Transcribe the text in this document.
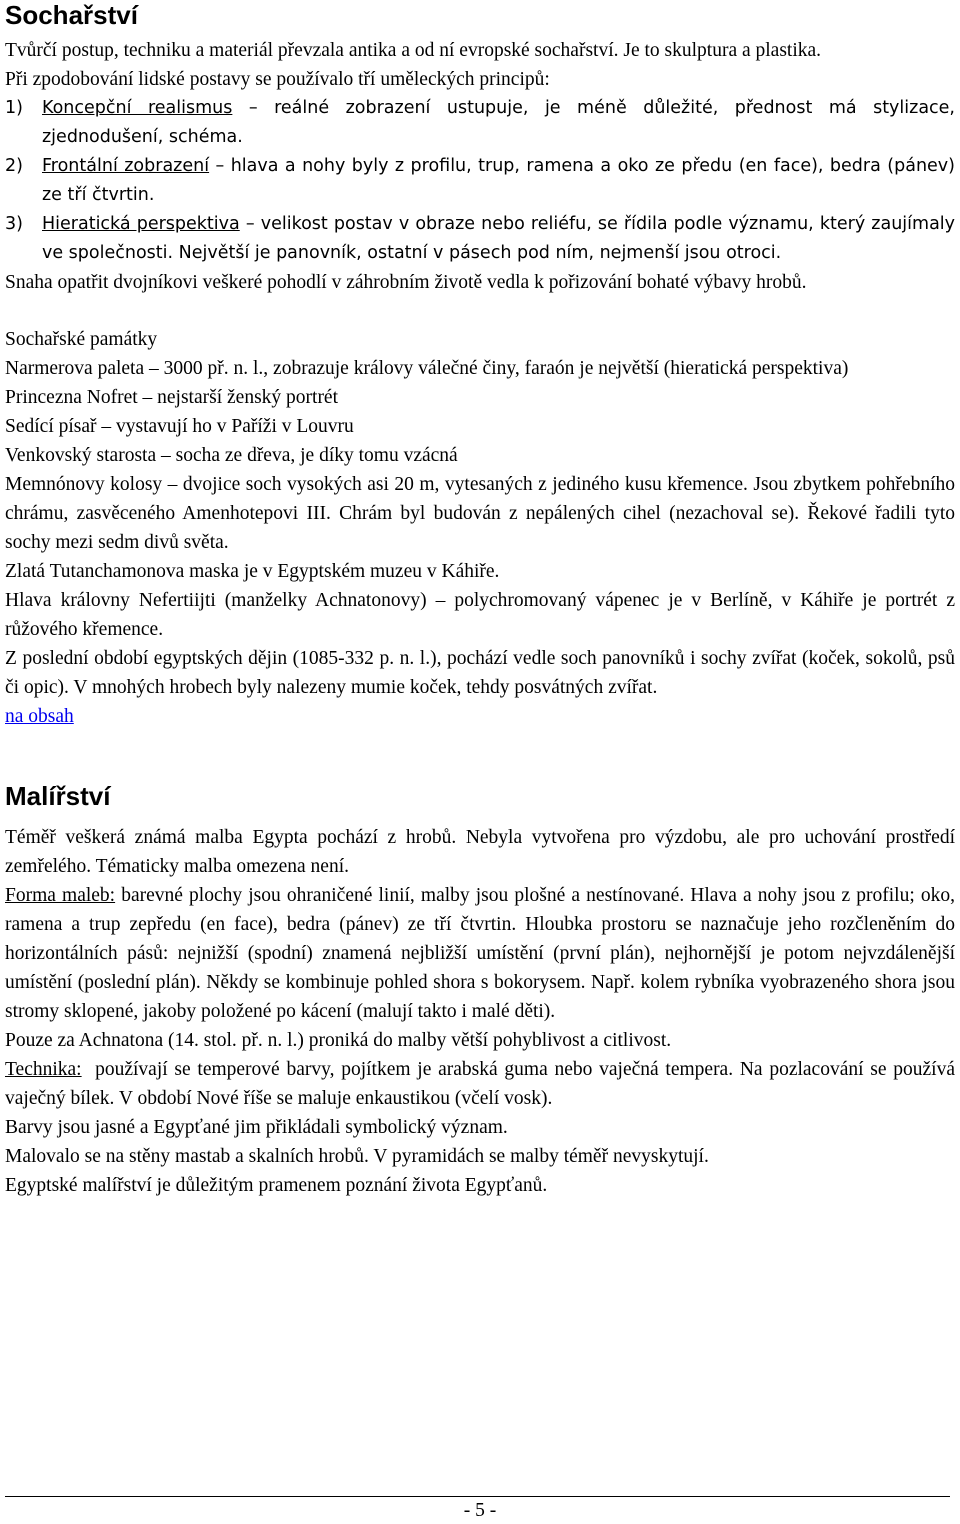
Sochařství

Tvůrčí postup, techniku a materiál převzala antika a od ní evropské sochařství. Je to skulptura a plastika.

Při zpodobování lidské postavy se používalo tří uměleckých principů:

1)	Koncepční realismus – reálné zobrazení ustupuje, je méně důležité, přednost má stylizace, zjednodušení, schéma.
2)	Frontální zobrazení – hlava a nohy byly z profilu, trup, ramena a oko ze předu (en face), bedra (pánev) ze tří čtvrtin.
3)	Hieratická perspektiva – velikost postav v obraze nebo reliéfu, se řídila podle významu, který zaujímaly ve společnosti. Největší je panovník, ostatní v pásech pod ním, nejmenší jsou otroci.

Snaha opatřit dvojníkovi veškeré pohodlí v záhrobním životě vedla k pořizování bohaté výbavy hrobů.

Sochařské památky

Narmerova paleta – 3000 př. n. l., zobrazuje královy válečné činy, faraón je největší (hieratická perspektiva)

Princezna Nofret – nejstarší ženský portrét

Sedící písař – vystavují ho v Paříži v Louvru

Venkovský starosta – socha ze dřeva, je díky tomu vzácná

Memnónovy kolosy – dvojice soch vysokých asi 20 m, vytesaných z jediného kusu křemence. Jsou zbytkem pohřebního chrámu, zasvěceného Amenhotepovi III. Chrám byl budován z nepálených cihel (nezachoval se). Řekové řadili tyto sochy mezi sedm divů světa.

Zlatá Tutanchamonova maska je v Egyptském muzeu v Káhiře.

Hlava královny Nefertiijti (manželky Achnatonovy) – polychromovaný vápenec je v Berlíně, v Káhiře je portrét z růžového křemence.

Z poslední období egyptských dějin (1085-332 p. n. l.), pochází vedle soch panovníků i sochy zvířat (koček, sokolů, psů či opic). V mnohých hrobech byly nalezeny mumie koček, tehdy posvátných zvířat.

na obsah

Malířství

Téměř veškerá známá malba Egypta pochází z hrobů. Nebyla vytvořena pro výzdobu, ale pro uchování prostředí zemřelého. Tématicky malba omezena není.

Forma maleb: barevné plochy jsou ohraničené linií, malby jsou plošné a nestínované. Hlava a nohy jsou z profilu; oko, ramena a trup zepředu (en face), bedra (pánev) ze tří čtvrtin. Hloubka prostoru se naznačuje jeho rozčleněním do horizontálních pásů: nejnižší (spodní) znamená nejbližší umístění (první plán), nejhornější je potom nejvzdálenější umístění (poslední plán). Někdy se kombinuje pohled shora s bokorysem. Např. kolem rybníka vyobrazeného shora jsou stromy sklopené, jakoby položené po kácení (malují takto i malé děti).

Pouze za Achnatona (14. stol. př. n. l.) proniká do malby větší pohyblivost a citlivost.

Technika:  používají se temperové barvy, pojítkem je arabská guma nebo vaječná tempera. Na pozlacování se používá vaječný bílek. V období Nové říše se maluje enkaustikou (včelí vosk).

Barvy jsou jasné a Egypťané jim přikládali symbolický význam.

Malovalo se na stěny mastab a skalních hrobů. V pyramidách se malby téměř nevyskytují.

Egyptské malířství je důležitým pramenem poznání života Egypťanů.

- 5 -
